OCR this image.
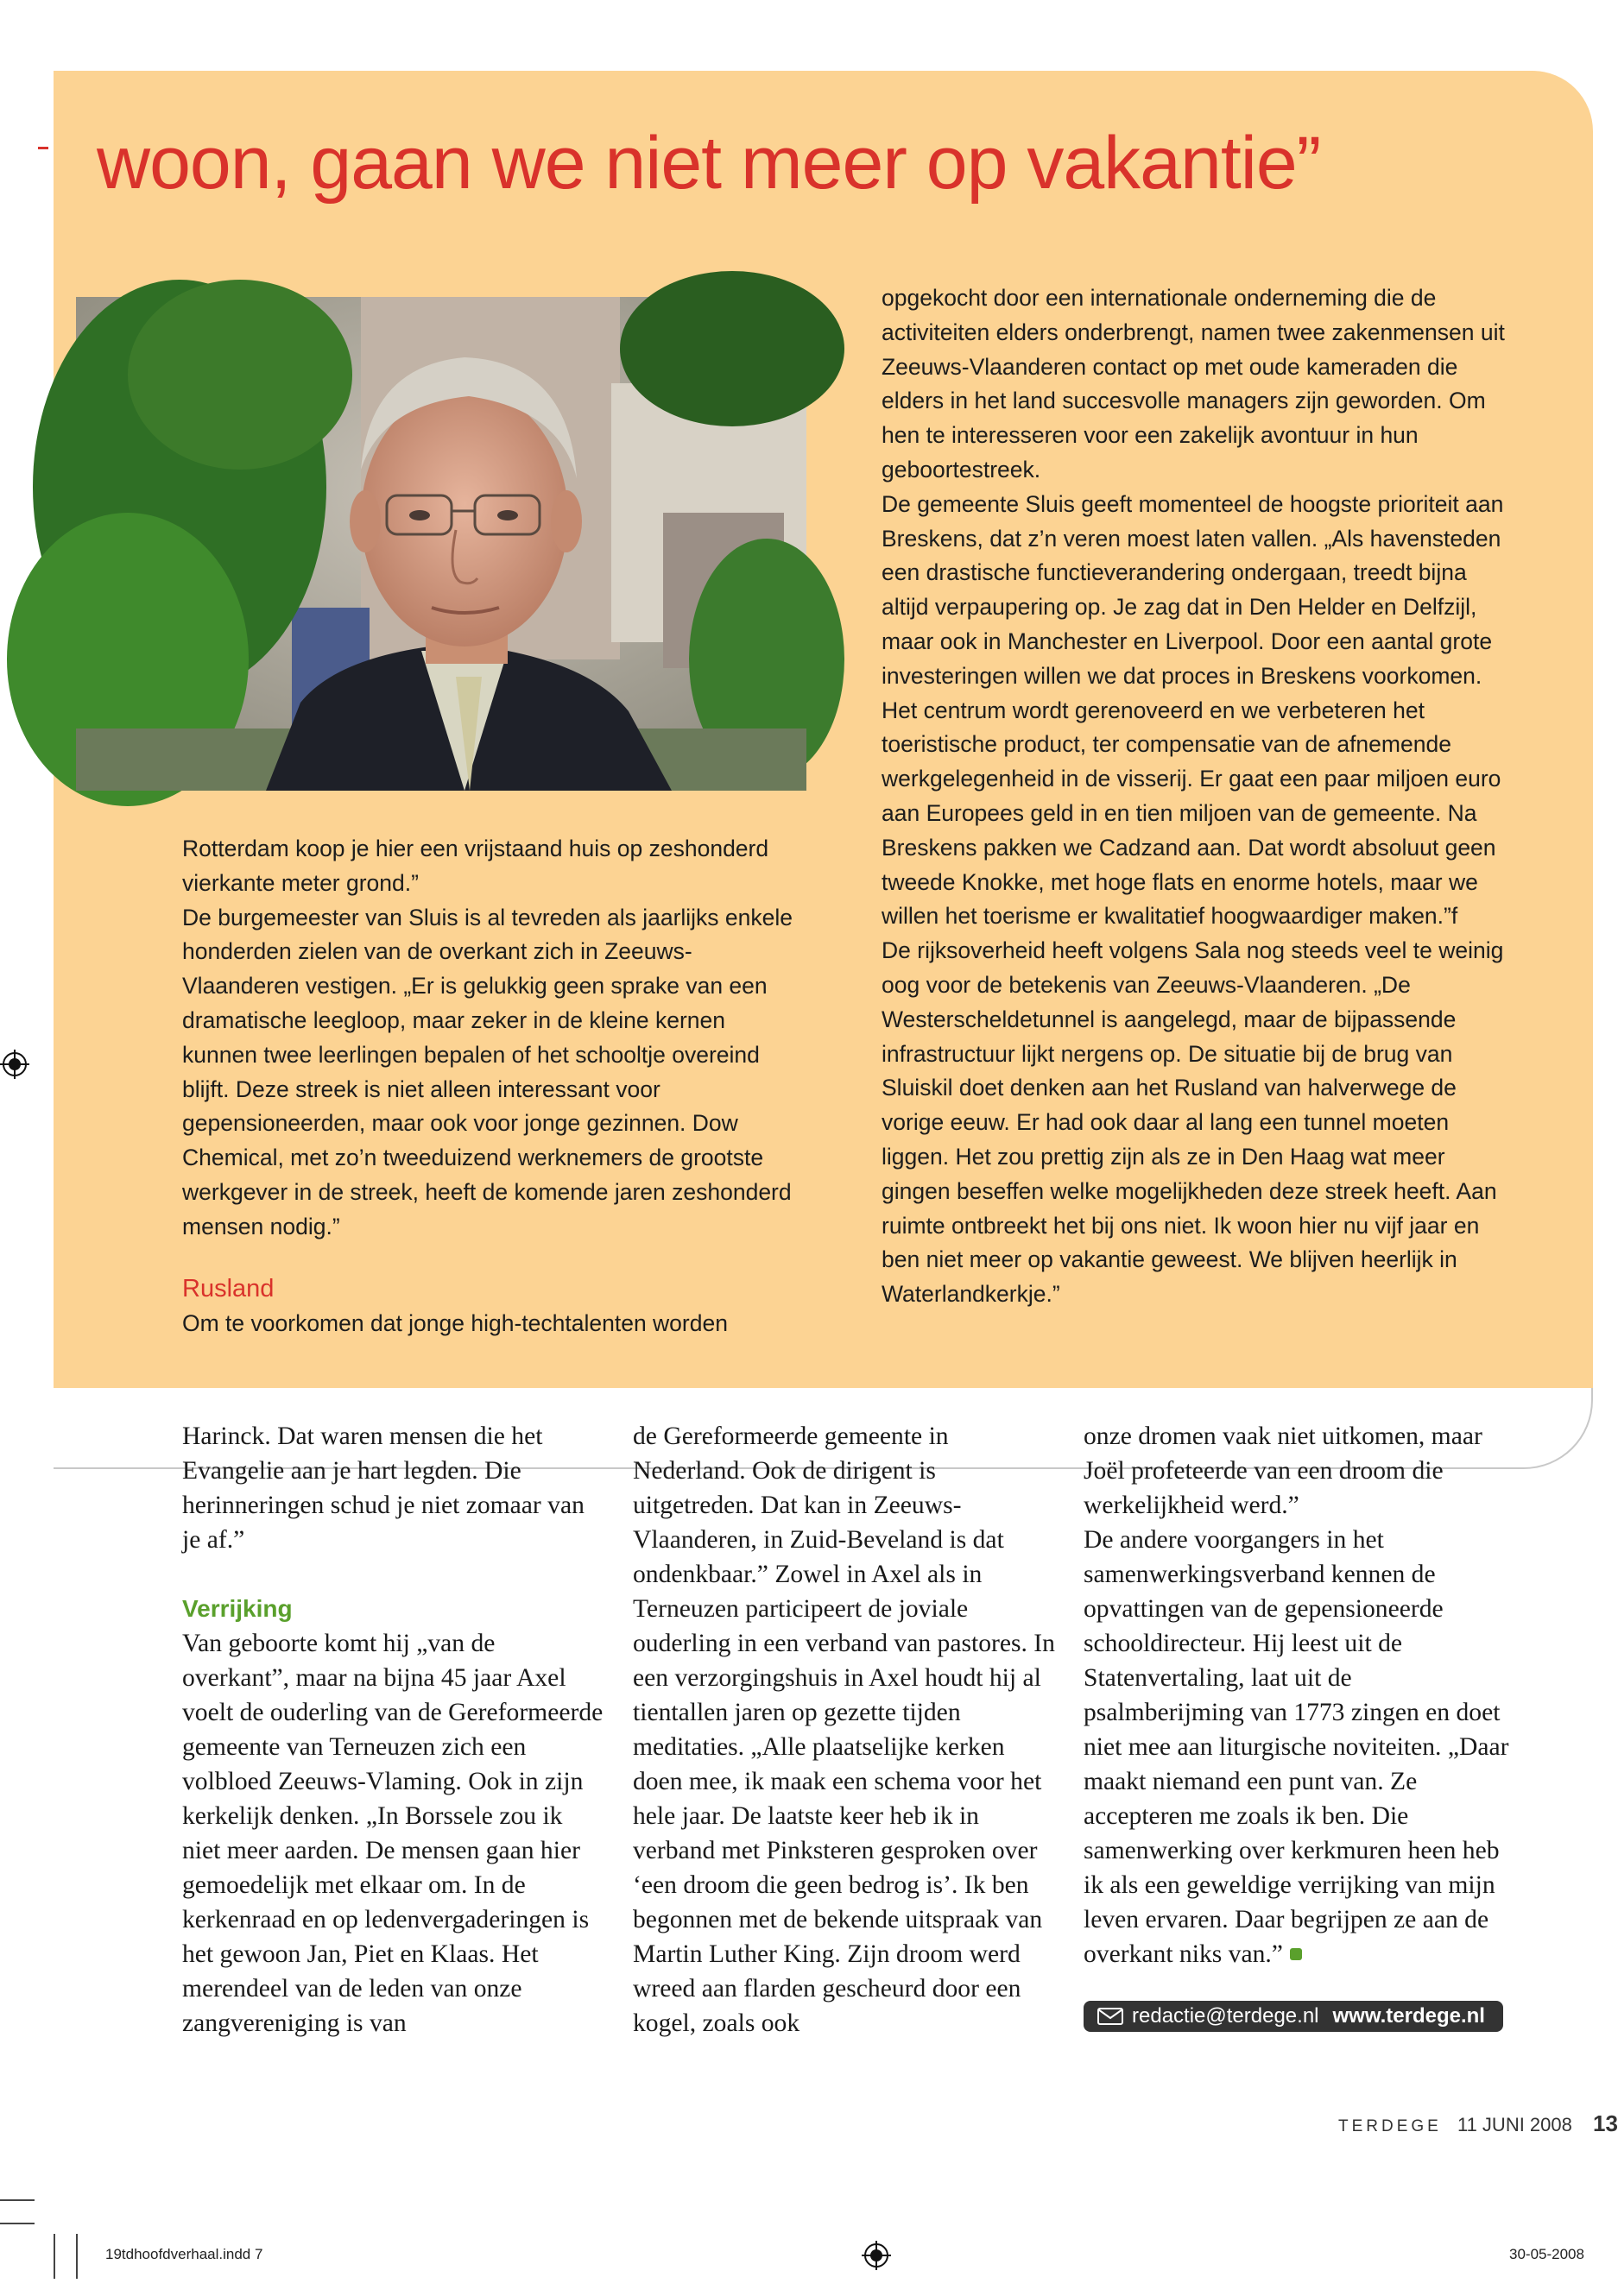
woon, gaan we niet meer op vakantie”

Rotterdam koop je hier een vrijstaand huis op zeshonderd vierkante meter grond.”

De burgemeester van Sluis is al tevreden als jaarlijks enkele honderden zielen van de overkant zich in Zeeuws-Vlaanderen vestigen. „Er is gelukkig geen sprake van een dramatische leegloop, maar zeker in de kleine kernen kunnen twee leerlingen bepalen of het schooltje overeind blijft. Deze streek is niet alleen interessant voor gepensioneerden, maar ook voor jonge gezinnen. Dow Chemical, met zo’n tweeduizend werknemers de grootste werkgever in de streek, heeft de komende jaren zeshonderd mensen nodig.”

Rusland

Om te voorkomen dat jonge high-techtalenten worden

opgekocht door een internationale onderneming die de activiteiten elders onderbrengt, namen twee zakenmensen uit Zeeuws-Vlaanderen contact op met oude kameraden die elders in het land succesvolle managers zijn geworden. Om hen te interesseren voor een zakelijk avontuur in hun geboortestreek.

De gemeente Sluis geeft momenteel de hoogste prioriteit aan Breskens, dat z’n veren moest laten vallen. „Als havensteden een drastische functieverandering ondergaan, treedt bijna altijd verpaupering op. Je zag dat in Den Helder en Delfzijl, maar ook in Manchester en Liverpool. Door een aantal grote investeringen willen we dat proces in Breskens voorkomen. Het centrum wordt gerenoveerd en we verbeteren het toeristische product, ter compensatie van de afnemende werkgelegenheid in de visserij. Er gaat een paar miljoen euro aan Europees geld in en tien miljoen van de gemeente. Na Breskens pakken we Cadzand aan. Dat wordt absoluut geen tweede Knokke, met hoge flats en enorme hotels, maar we willen het toerisme er kwalitatief hoogwaardiger maken.”f

De rijksoverheid heeft volgens Sala nog steeds veel te weinig oog voor de betekenis van Zeeuws-Vlaanderen. „De Westerscheldetunnel is aangelegd, maar de bijpassende infrastructuur lijkt nergens op. De situatie bij de brug van Sluiskil doet denken aan het Rusland van halverwege de vorige eeuw. Er had ook daar al lang een tunnel moeten liggen. Het zou prettig zijn als ze in Den Haag wat meer gingen beseffen welke mogelijkheden deze streek heeft. Aan ruimte ontbreekt het bij ons niet. Ik woon hier nu vijf jaar en ben niet meer op vakantie geweest. We blijven heerlijk in Waterlandkerkje.”

Harinck. Dat waren mensen die het Evangelie aan je hart legden. Die herinneringen schud je niet zomaar van je af.”

Verrijking

Van geboorte komt hij „van de overkant”, maar na bijna 45 jaar Axel voelt de ouderling van de Gereformeerde gemeente van Terneuzen zich een volbloed Zeeuws-Vlaming. Ook in zijn kerkelijk denken. „In Borssele zou ik niet meer aarden. De mensen gaan hier gemoedelijk met elkaar om. In de kerkenraad en op ledenvergaderingen is het gewoon Jan, Piet en Klaas. Het merendeel van de leden van onze zangvereniging is van

de Gereformeerde gemeente in Nederland. Ook de dirigent is uitgetreden. Dat kan in Zeeuws-Vlaanderen, in Zuid-Beveland is dat ondenkbaar.” Zowel in Axel als in Terneuzen participeert de joviale ouderling in een verband van pastores. In een verzorgingshuis in Axel houdt hij al tientallen jaren op gezette tijden meditaties. „Alle plaatselijke kerken doen mee, ik maak een schema voor het hele jaar. De laatste keer heb ik in verband met Pinksteren gesproken over ‘een droom die geen bedrog is’. Ik ben begonnen met de bekende uitspraak van Martin Luther King. Zijn droom werd wreed aan flarden gescheurd door een kogel, zoals ook

onze dromen vaak niet uitkomen, maar Joël profeteerde van een droom die werkelijkheid werd.”

De andere voorgangers in het samenwerkingsverband kennen de opvattingen van de gepensioneerde schooldirecteur. Hij leest uit de Statenvertaling, laat uit de psalmberijming van 1773 zingen en doet niet mee aan liturgische noviteiten. „Daar maakt niemand een punt van. Ze accepteren me zoals ik ben. Die samenwerking over kerkmuren heen heb ik als een geweldige verrijking van mijn leven ervaren. Daar begrijpen ze aan de overkant niks van.”

redactie@terdege.nl www.terdege.nl
TERDEGE 11 JUNI 2008 13
19tdhoofdverhaal.indd 7	30-05-2008
